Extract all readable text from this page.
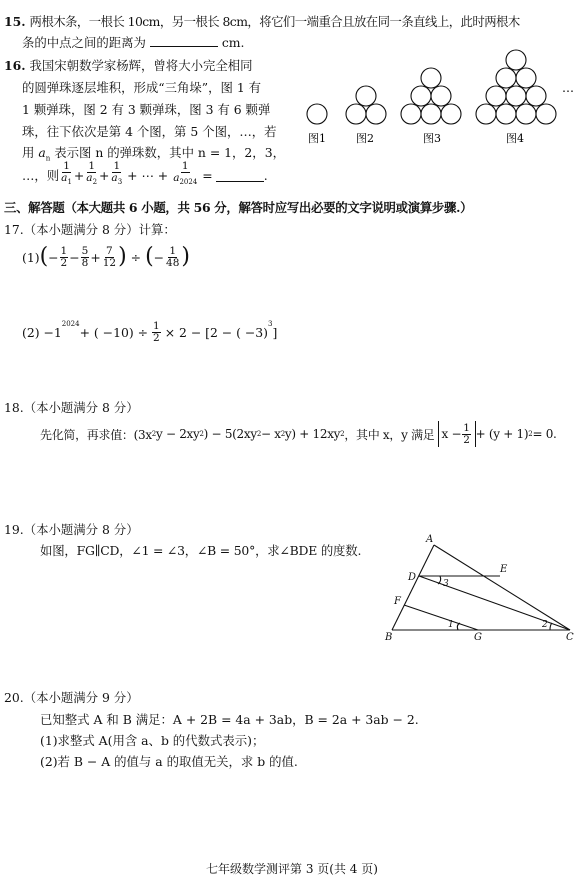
15. 两根木条，一根长 10cm，另一根长 8cm，将它们一端重合且放在同一条直线上，此时两根木
条的中点之间的距离为	cm.
16. 我国宋朝数学家杨辉，曾将大小完全相同
的圆弹珠逐层堆积，形成“三角垛”，图 1 有
1 颗弹珠，图 2 有 3 颗弹珠，图 3 有 6 颗弹
珠，往下依次是第 4 个图，第 5 个图，…，若
用 $a_n$ 表示图 n 的弹珠数，其中 n = 1，2，3，
…，则 $\frac{1}{a_1} + \frac{1}{a_2} + \frac{1}{a_3}$ + ⋯ + $\frac{1}{a_{2024}}$ =	.
图1	图2	图3	图4
…
三、解答题（本大题共 6 小题，共 56 分，解答时应写出必要的文字说明或演算步骤.）
17.（本小题满分 8 分）计算：
(1) ( − $\frac{1}{2} - \frac{5}{8} + \frac{7}{12}$ ) ÷ ( − $\frac{1}{48}$ )
(2) −1
$^{2024}$
+ ( $-10) \div \frac{1}{2} \times 2 - [2$ − ( −3)
$^3$
]
18.（本小题满分 8 分）
先化简，再求值：(3x 2 y − 2xy 2 ) − 5(2xy 2 − x 2 y) + 12xy 2 ，其中 x，y 满足 $x - \frac{1}{2} + (y + 1) 2 = 0$.
19.（本小题满分 8 分）
如图，FG∥CD，∠1 = ∠3，∠B = 50°，求∠BDE 的度数.
A
D
E
F
B	G	C
3
1	2
20.（本小题满分 9 分）
已知整式 A 和 B 满足：A + 2B = 4a + 3ab，B = 2a + 3ab − 2.
(1)求整式 A(用含 a、b 的代数式表示)；
(2)若 B − A 的值与 a 的取值无关，求 b 的值.
七年级数学测评第 3 页(共 4 页)
